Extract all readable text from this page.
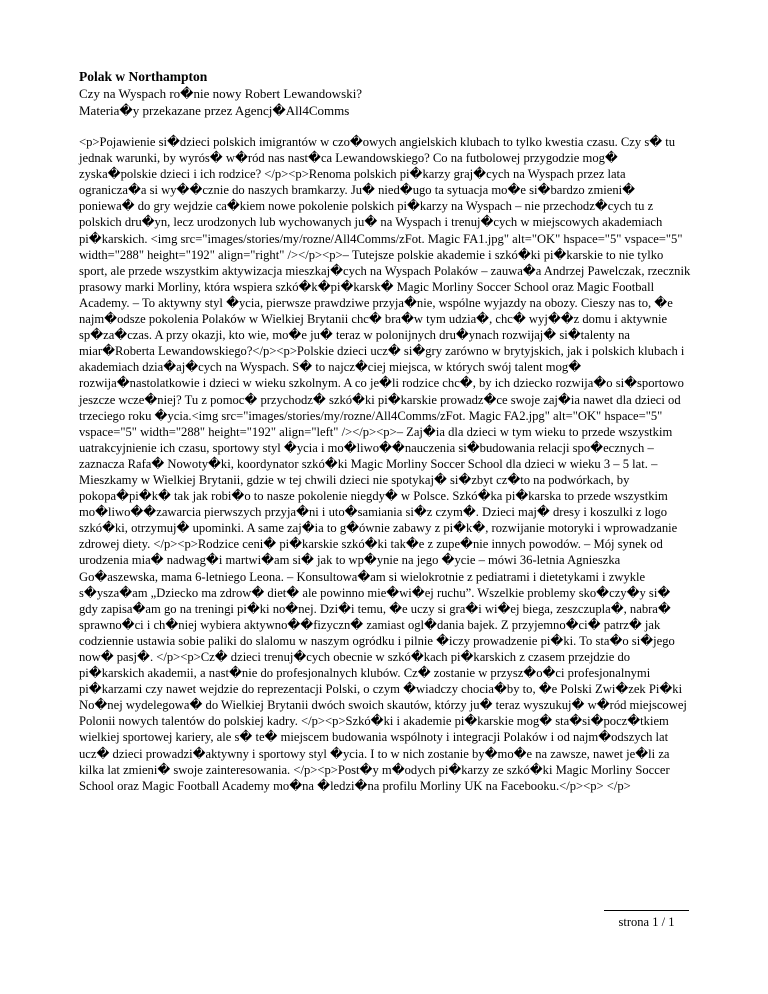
Polak w Northampton

Czy na Wyspach ro�nie nowy Robert Lewandowski?

Materia�y przekazane przez Agencj�All4Comms

<p>Pojawienie si�dzieci polskich imigrantów w czo�owych angielskich klubach to tylko kwestia czasu. Czy s� tu jednak warunki, by wyrós� w�ród nas nast�ca Lewandowskiego? Co na futbolowej przygodzie mog� zyska�polskie dzieci i ich rodzice? </p><p>Renoma polskich pi�karzy graj�cych na Wyspach przez lata ogranicza�a si wy��cznie do naszych bramkarzy. Ju� nied�ugo ta sytuacja mo�e si�bardzo zmieni� poniewa� do gry wejdzie ca�kiem nowe pokolenie polskich pi�karzy na Wyspach – nie przechodz�cych tu z polskich dru�yn, lecz urodzonych lub wychowanych ju� na Wyspach i trenuj�cych w miejscowych akademiach pi�karskich. <img src="images/stories/my/rozne/All4Comms/zFot. Magic FA1.jpg" alt="OK" hspace="5" vspace="5" width="288" height="192" align="right" /></p><p>– Tutejsze polskie akademie i szkó�ki pi�karskie to nie tylko sport, ale przede wszystkim aktywizacja mieszkaj�cych na Wyspach Polaków – zauwa�a Andrzej Pawelczak, rzecznik prasowy marki Morliny, która wspiera szkó�k�pi�karsk� Magic Morliny Soccer School oraz Magic Football Academy. – To aktywny styl �ycia, pierwsze prawdziwe przyja�nie, wspólne wyjazdy na obozy. Cieszy nas to, �e najm�odsze pokolenia Polaków w Wielkiej Brytanii chc� bra�w tym udzia�, chc� wyj��z domu i aktywnie sp�za�czas. A przy okazji, kto wie, mo�e ju� teraz w polonijnych dru�ynach rozwijaj� si�talenty na miar�Roberta Lewandowskiego?</p><p>Polskie dzieci ucz� si�gry zarówno w brytyjskich, jak i polskich klubach i akademiach dzia�aj�cych na Wyspach. S� to najcz�ciej miejsca, w których swój talent mog� rozwija�nastolatkowie i dzieci w wieku szkolnym. A co je�li rodzice chc�, by ich dziecko rozwija�o si�sportowo jeszcze wcze�niej? Tu z pomoc� przychodz� szkó�ki pi�karskie prowadz�ce swoje zaj�ia nawet dla dzieci od trzeciego roku �ycia.<img src="images/stories/my/rozne/All4Comms/zFot. Magic FA2.jpg" alt="OK" hspace="5" vspace="5" width="288" height="192" align="left" /></p><p>– Zaj�ia dla dzieci w tym wieku to przede wszystkim uatrakcyjnienie ich czasu, sportowy styl �ycia i mo�liwo��nauczenia si�budowania relacji spo�ecznych – zaznacza Rafa� Nowoty�ki, koordynator szkó�ki Magic Morliny Soccer School dla dzieci w wieku 3 – 5 lat. – Mieszkamy w Wielkiej Brytanii, gdzie w tej chwili dzieci nie spotykaj� si�zbyt cz�to na podwórkach, by pokopa�pi�k� tak jak robi�o to nasze pokolenie niegdy� w Polsce. Szkó�ka pi�karska to przede wszystkim mo�liwo��zawarcia pierwszych przyja�ni i uto�samiania si�z czym�. Dzieci maj� dresy i koszulki z logo szkó�ki, otrzymuj� upominki. A same zaj�ia to g�ównie zabawy z pi�k�, rozwijanie motoryki i wprowadzanie zdrowej diety. </p><p>Rodzice ceni� pi�karskie szkó�ki tak�e z zupe�nie innych powodów. – Mój synek od urodzenia mia� nadwag�i martwi�am si� jak to wp�ynie na jego �ycie – mówi 36-letnia Agnieszka Go�aszewska, mama 6-letniego Leona. – Konsultowa�am si wielokrotnie z pediatrami i dietetykami i zwykle s�ysza�am „Dziecko ma zdrow� diet� ale powinno mie�wi�ej ruchu”. Wszelkie problemy sko�czy�y si� gdy zapisa�am go na treningi pi�ki no�nej. Dzi�i temu, �e uczy si gra�i wi�ej biega, zeszczupla�, nabra� sprawno�ci i ch�niej wybiera aktywno��fizyczn� zamiast ogl�dania bajek. Z przyjemno�ci� patrz� jak codziennie ustawia sobie paliki do slalomu w naszym ogródku i pilnie �iczy prowadzenie pi�ki. To sta�o si�jego now� pasj�. </p><p>Cz� dzieci trenuj�cych obecnie w szkó�kach pi�karskich z czasem przejdzie do pi�karskich akademii, a nast�nie do profesjonalnych klubów. Cz� zostanie w przysz�o�ci profesjonalnymi pi�karzami czy nawet wejdzie do reprezentacji Polski, o czym �wiadczy chocia�by to, �e Polski Zwi�zek Pi�ki No�nej wydelegowa� do Wielkiej Brytanii dwóch swoich skautów, którzy ju� teraz wyszukuj� w�ród miejscowej Polonii nowych talentów do polskiej kadry. </p><p>Szkó�ki i akademie pi�karskie mog� sta�si�pocz�tkiem wielkiej sportowej kariery, ale s� te� miejscem budowania wspólnoty i integracji Polaków i od najm�odszych lat ucz� dzieci prowadzi�aktywny i sportowy styl �ycia. I to w nich zostanie by�mo�e na zawsze, nawet je�li za kilka lat zmieni� swoje zainteresowania. </p><p>Post�y m�odych pi�karzy ze szkó�ki Magic Morliny Soccer School oraz Magic Football Academy mo�na �ledzi�na profilu Morliny UK na Facebooku.</p><p> </p>

strona 1 / 1
